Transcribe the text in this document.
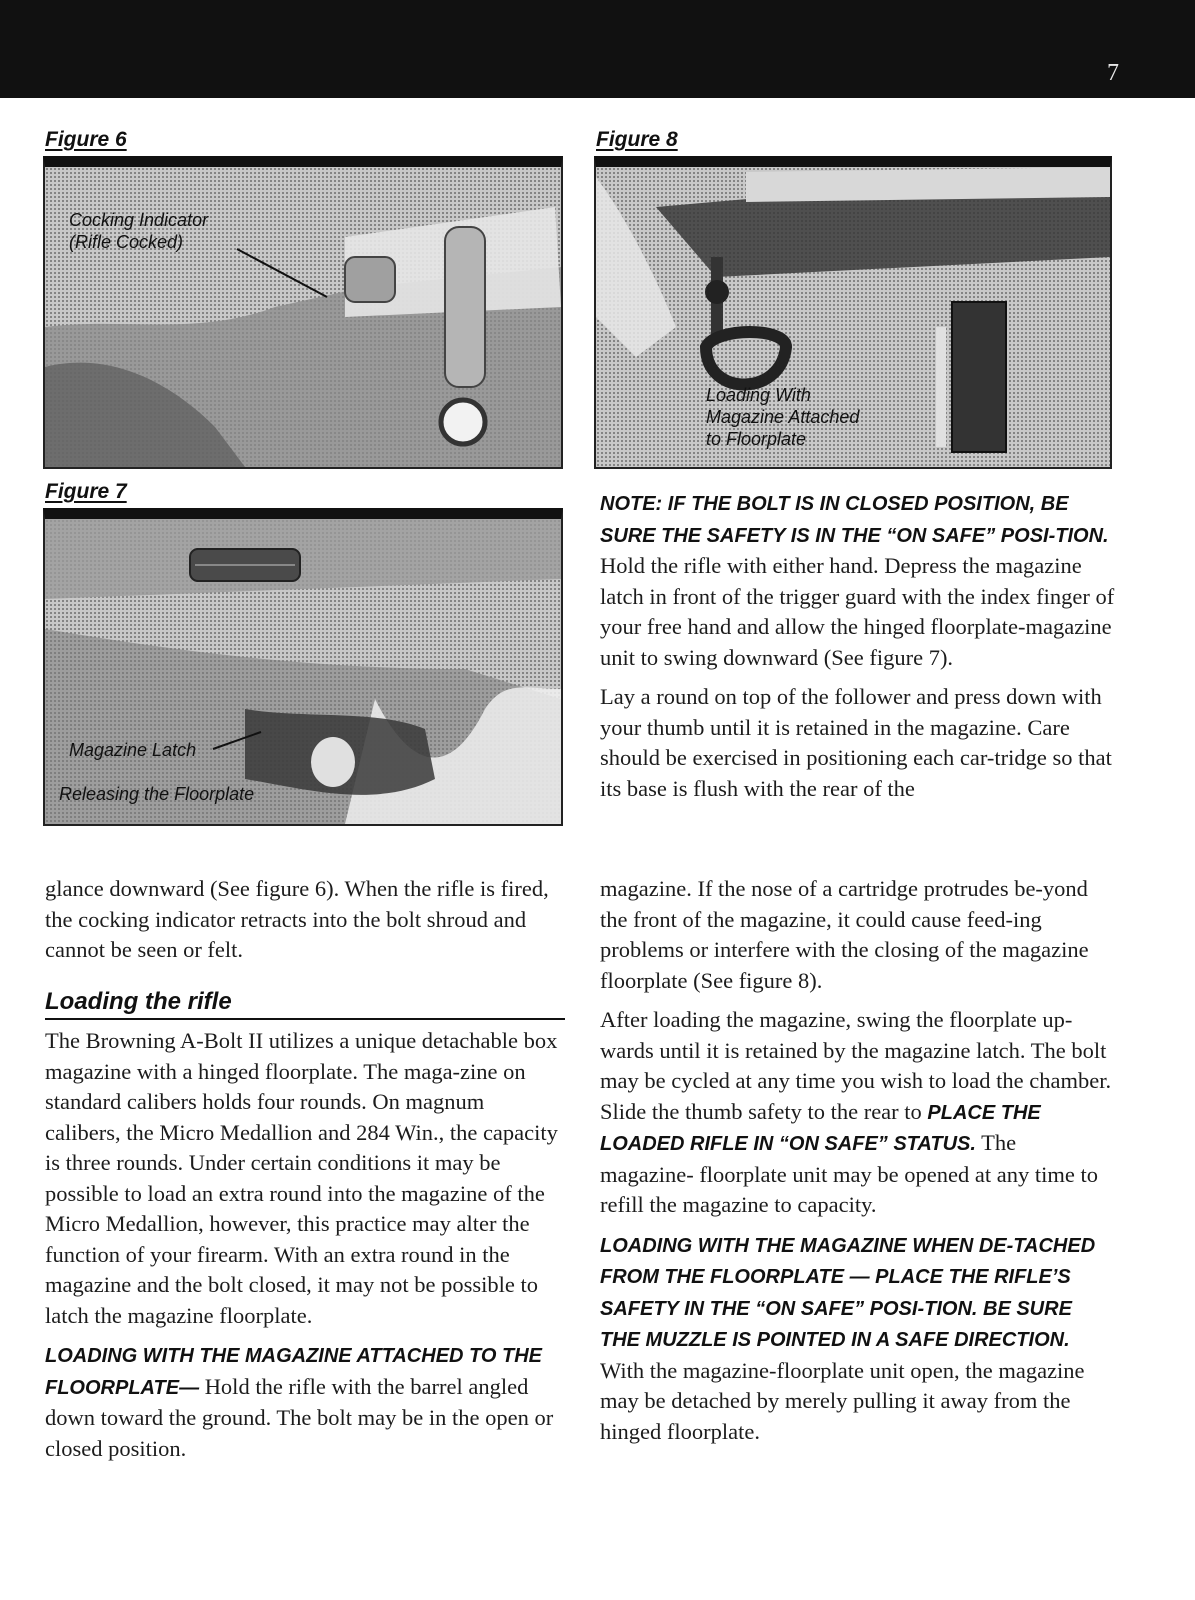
7
Figure 6
Cocking Indicator
(Rifle Cocked)
Figure 7
Magazine Latch
Releasing the Floorplate
Figure 8
Loading With
Magazine Attached
to Floorplate

NOTE: IF THE BOLT IS IN CLOSED POSITION, BE SURE THE SAFETY IS IN THE “ON SAFE” POSI-TION. Hold the rifle with either hand. Depress the magazine latch in front of the trigger guard with the index finger of your free hand and allow the hinged floorplate-magazine unit to swing downward (See figure 7).

Lay a round on top of the follower and press down with your thumb until it is retained in the magazine. Care should be exercised in positioning each car-tridge so that its base is flush with the rear of the

glance downward (See figure 6). When the rifle is fired, the cocking indicator retracts into the bolt shroud and cannot be seen or felt.
Loading the rifle

The Browning A-Bolt II utilizes a unique detachable box magazine with a hinged floorplate. The maga-zine on standard calibers holds four rounds. On magnum calibers, the Micro Medallion and 284 Win., the capacity is three rounds. Under certain conditions it may be possible to load an extra round into the magazine of the Micro Medallion, however, this practice may alter the function of your firearm. With an extra round in the magazine and the bolt closed, it may not be possible to latch the magazine floorplate.

LOADING WITH THE MAGAZINE ATTACHED TO THE FLOORPLATE— Hold the rifle with the barrel angled down toward the ground. The bolt may be in the open or closed position.

magazine. If the nose of a cartridge protrudes be-yond the front of the magazine, it could cause feed-ing problems or interfere with the closing of the magazine floorplate (See figure 8).

After loading the magazine, swing the floorplate up-wards until it is retained by the magazine latch. The bolt may be cycled at any time you wish to load the chamber. Slide the thumb safety to the rear to PLACE THE LOADED RIFLE IN “ON SAFE” STATUS. The magazine- floorplate unit may be opened at any time to refill the magazine to capacity.

LOADING WITH THE MAGAZINE WHEN DE-TACHED FROM THE FLOORPLATE — PLACE THE RIFLE’S SAFETY IN THE “ON SAFE” POSI-TION. BE SURE THE MUZZLE IS POINTED IN A SAFE DIRECTION. With the magazine-floorplate unit open, the magazine may be detached by merely pulling it away from the hinged floorplate.
